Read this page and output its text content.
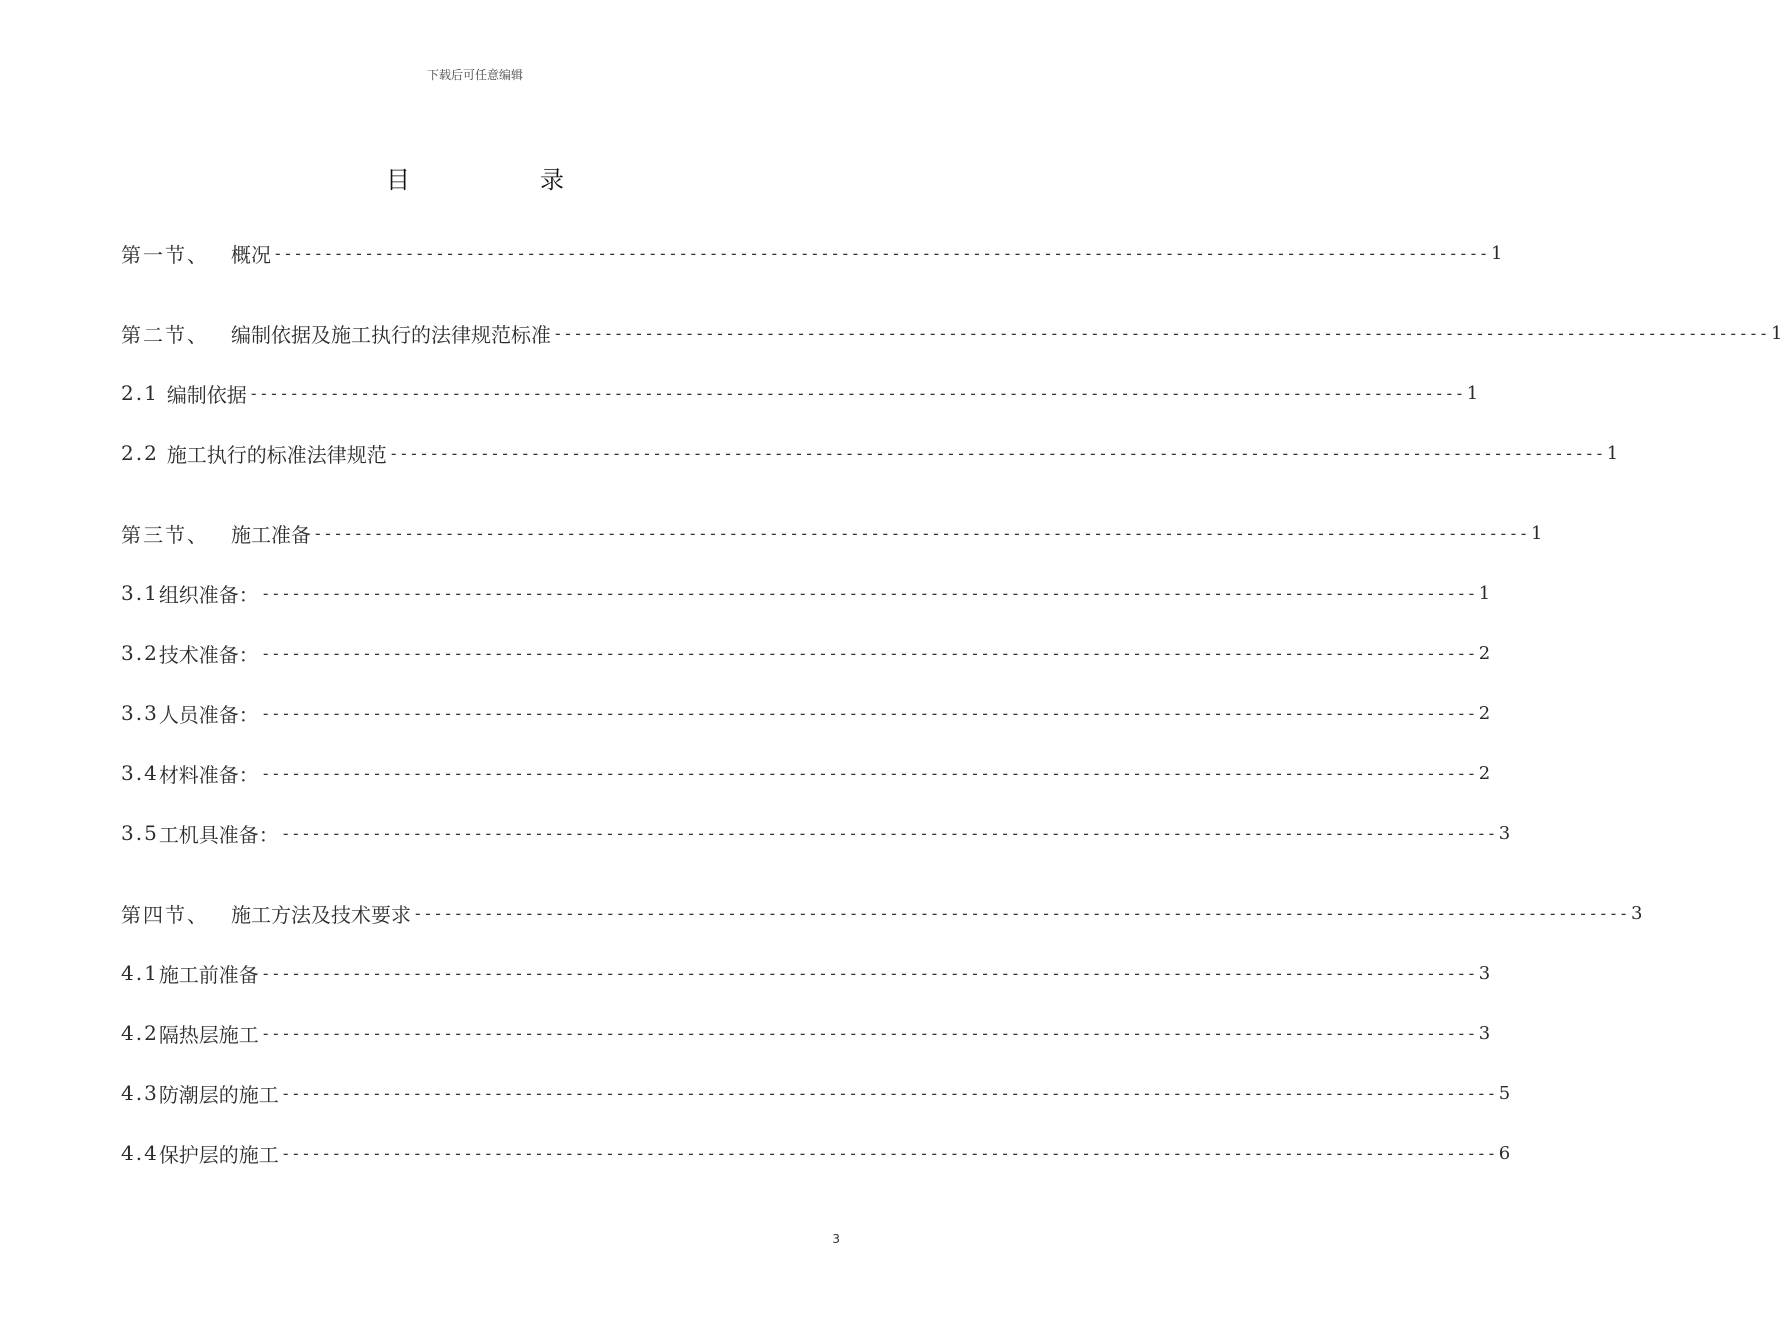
下载后可任意编辑
目	录
第一节、 概况 ------------------------------------------------------------------------------------------------------------------------ 1
第二节、 编制依据及施工执行的法律规范标准 ------------------------------------------------------------------------------------------------------------------------ 1
2.1 编制依据 ------------------------------------------------------------------------------------------------------------------------ 1
2.2 施工执行的标准法律规范 ------------------------------------------------------------------------------------------------------------------------ 1
第三节、 施工准备 ------------------------------------------------------------------------------------------------------------------------ 1
3.1 组织准备： ------------------------------------------------------------------------------------------------------------------------ 1
3.2 技术准备： ------------------------------------------------------------------------------------------------------------------------ 2
3.3 人员准备： ------------------------------------------------------------------------------------------------------------------------ 2
3.4 材料准备： ------------------------------------------------------------------------------------------------------------------------ 2
3.5 工机具准备： ------------------------------------------------------------------------------------------------------------------------ 3
第四节、 施工方法及技术要求 ------------------------------------------------------------------------------------------------------------------------ 3
4.1 施工前准备 ------------------------------------------------------------------------------------------------------------------------ 3
4.2 隔热层施工 ------------------------------------------------------------------------------------------------------------------------ 3
4.3 防潮层的施工 ------------------------------------------------------------------------------------------------------------------------ 5
4.4 保护层的施工 ------------------------------------------------------------------------------------------------------------------------ 6
3
